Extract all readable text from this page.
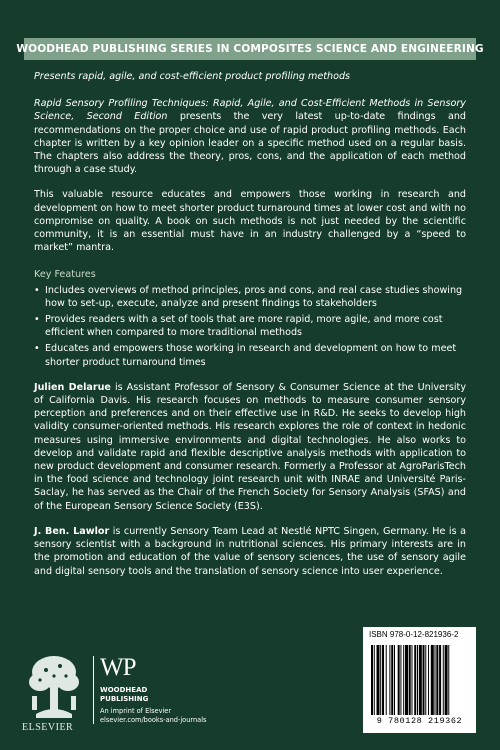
WOODHEAD PUBLISHING SERIES IN COMPOSITES SCIENCE AND ENGINEERING

Presents rapid, agile, and cost-efficient product profiling methods

Rapid Sensory Profiling Techniques: Rapid, Agile, and Cost-Efficient Methods in Sensory Science, Second Edition presents the very latest up-to-date findings and recommendations on the proper choice and use of rapid product profiling methods. Each chapter is written by a key opinion leader on a specific method used on a regular basis. The chapters also address the theory, pros, cons, and the application of each method through a case study.

This valuable resource educates and empowers those working in research and development on how to meet shorter product turnaround times at lower cost and with no compromise on quality. A book on such methods is not just needed by the scientific community, it is an essential must have in an industry challenged by a “speed to market” mantra.

Key Features
• Includes overviews of method principles, pros and cons, and real case studies showing how to set-up, execute, analyze and present findings to stakeholders
• Provides readers with a set of tools that are more rapid, more agile, and more cost efficient when compared to more traditional methods
• Educates and empowers those working in research and development on how to meet shorter product turnaround times

Julien Delarue is Assistant Professor of Sensory & Consumer Science at the University of California Davis. His research focuses on methods to measure consumer sensory perception and preferences and on their effective use in R&D. He seeks to develop high validity consumer-oriented methods. His research explores the role of context in hedonic measures using immersive environments and digital technologies. He also works to develop and validate rapid and flexible descriptive analysis methods with application to new product development and consumer research. Formerly a Professor at AgroParisTech in the food science and technology joint research unit with INRAE and Université Paris-Saclay, he has served as the Chair of the French Society for Sensory Analysis (SFAS) and of the European Sensory Science Society (E3S).

J. Ben. Lawlor is currently Sensory Team Lead at Nestlé NPTC Singen, Germany. He is a sensory scientist with a background in nutritional sciences. His primary interests are in the promotion and education of the value of sensory sciences, the use of sensory agile and digital sensory tools and the translation of sensory science into user experience.

ELSEVIER
WP
WOODHEAD
PUBLISHING
An imprint of Elsevier
elsevier.com/books-and-journals
ISBN 978-0-12-821936-2
9 780128 219362
